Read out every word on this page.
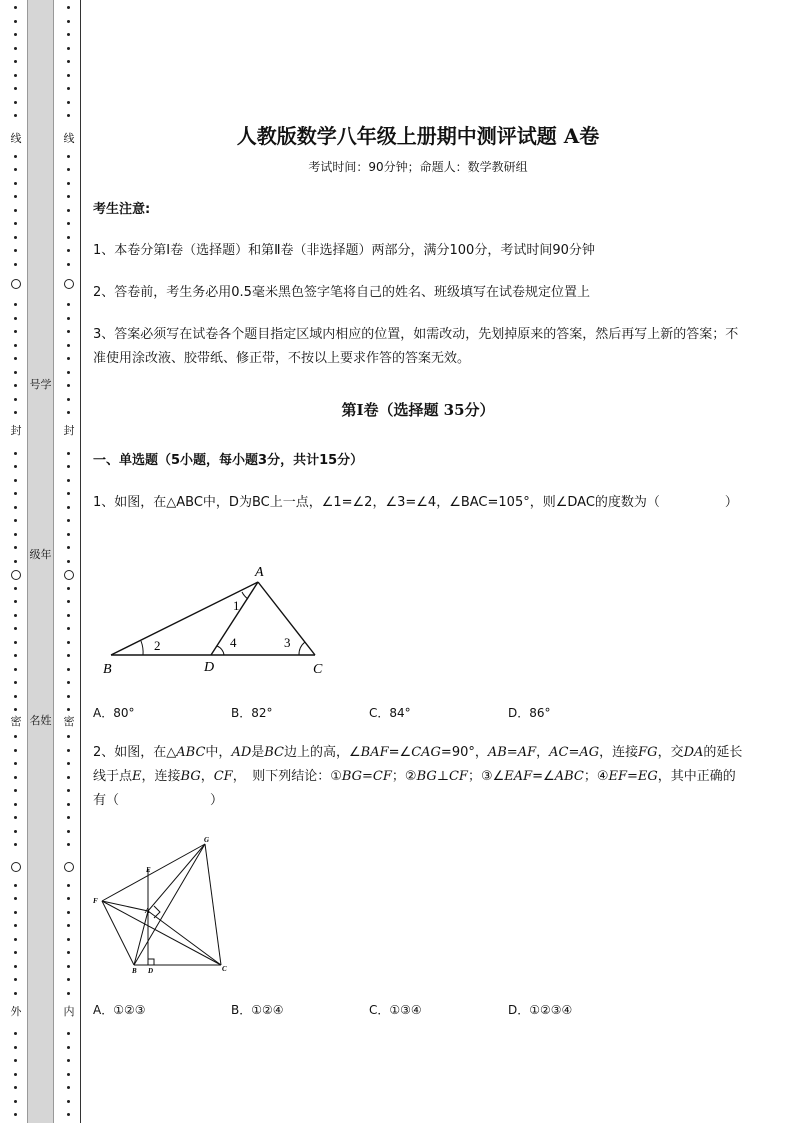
线
封
密
外
号学
级年
名姓
线
封
密
内
人教版数学八年级上册期中测评试题 A卷
考试时间：90分钟；命题人：数学教研组
考生注意:
1、本卷分第I卷（选择题）和第Ⅱ卷（非选择题）两部分，满分100分，考试时间90分钟
2、答卷前，考生务必用0.5毫米黑色签字笔将自己的姓名、班级填写在试卷规定位置上
3、答案必须写在试卷各个题目指定区域内相应的位置，如需改动，先划掉原来的答案，然后再写上新的答案；不准使用涂改液、胶带纸、修正带，不按以上要求作答的答案无效。
第I卷（选择题 35分）
一、单选题（5小题，每小题3分，共计15分）
1、如图，在△ABC中，D为BC上一点，∠1=∠2，∠3=∠4，∠BAC=105°，则∠DAC的度数为（　　　　　）
A
B	D	C
1
2	3
4
A．80°	B．82°	C．84°	D．86°
2、如图，在△ABC中，AD是BC边上的高，∠BAF=∠CAG=90°，AB=AF，AC=AG，连接FG，交DA的延长线于点E，连接BG，CF，　则下列结论：①BG=CF；②BG⊥CF；③∠EAF=∠ABC；④EF=EG，其中正确的有（　　　　　　　）
G
E
F
A
B D	C
A．①②③	B．①②④	C．①③④	D．①②③④
